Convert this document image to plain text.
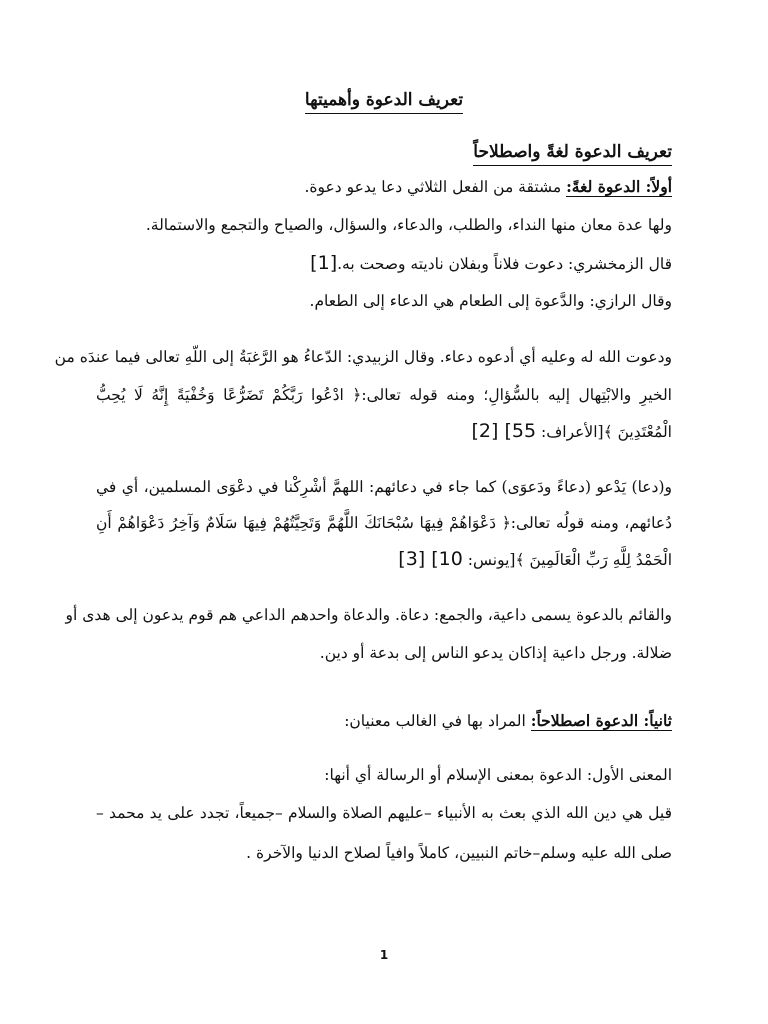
تعريف الدعوة وأهميتها
تعريف الدعوة لغةً واصطلاحاً
أولاً: الدعوة لغةً: مشتقة من الفعل الثلاثي دعا يدعو دعوة.
ولها عدة معان منها النداء، والطلب، والدعاء، والسؤال، والصياح والتجمع والاستمالة.
قال الزمخشري: دعوت فلاناً وبفلان ناديته وصحت به.[1]
وقال الرازي: والدَّعوة إلى الطعام هي الدعاء إلى الطعام.
ودعوت الله له وعليه أي أدعوه دعاء. وقال الزبيدي: الدّعاءُ هو الرَّغبَةُ إلى اللّهِ تعالى فيما عندَه من
الخيرِ والابْتِهال إليه بالسُّؤالِ؛ ومنه قوله تعالى:﴿ ادْعُوا رَبَّكُمْ تَضَرُّعًا وَخُفْيَةً إِنَّهُ لَا يُحِبُّ
الْمُعْتَدِينَ ﴾[الأعراف: 55] [2]
و(دعا) يَدْعو (دعاءً ودَعوَى) كما جاء في دعائهم: اللهمَّ أشْرِكْنا في دعْوَى المسلمين، أي في
دُعائهم، ومنه قولُه تعالى:﴿ دَعْوَاهُمْ فِيهَا سُبْحَانَكَ اللَّهُمَّ وَتَحِيَّتُهُمْ فِيهَا سَلَامٌ وَآخِرُ دَعْوَاهُمْ أَنِ
الْحَمْدُ لِلَّهِ رَبِّ الْعَالَمِينَ ﴾[يونس: 10] [3]
والقائم بالدعوة يسمى داعية، والجمع: دعاة. والدعاة واحدهم الداعي هم قوم يدعون إلى هدى أو
ضلالة. ورجل داعية إذاكان يدعو الناس إلى بدعة أو دين.
ثانياً: الدعوة اصطلاحاً: المراد بها في الغالب معنيان:
المعنى الأول: الدعوة بمعنى الإسلام أو الرسالة أي أنها:
قيل هي دين الله الذي بعث به الأنبياء –عليهم الصلاة والسلام –جميعاً، تجدد على يد محمد –
صلى الله عليه وسلم–خاتم النبيين، كاملاً وافياً لصلاح الدنيا والآخرة .
1
